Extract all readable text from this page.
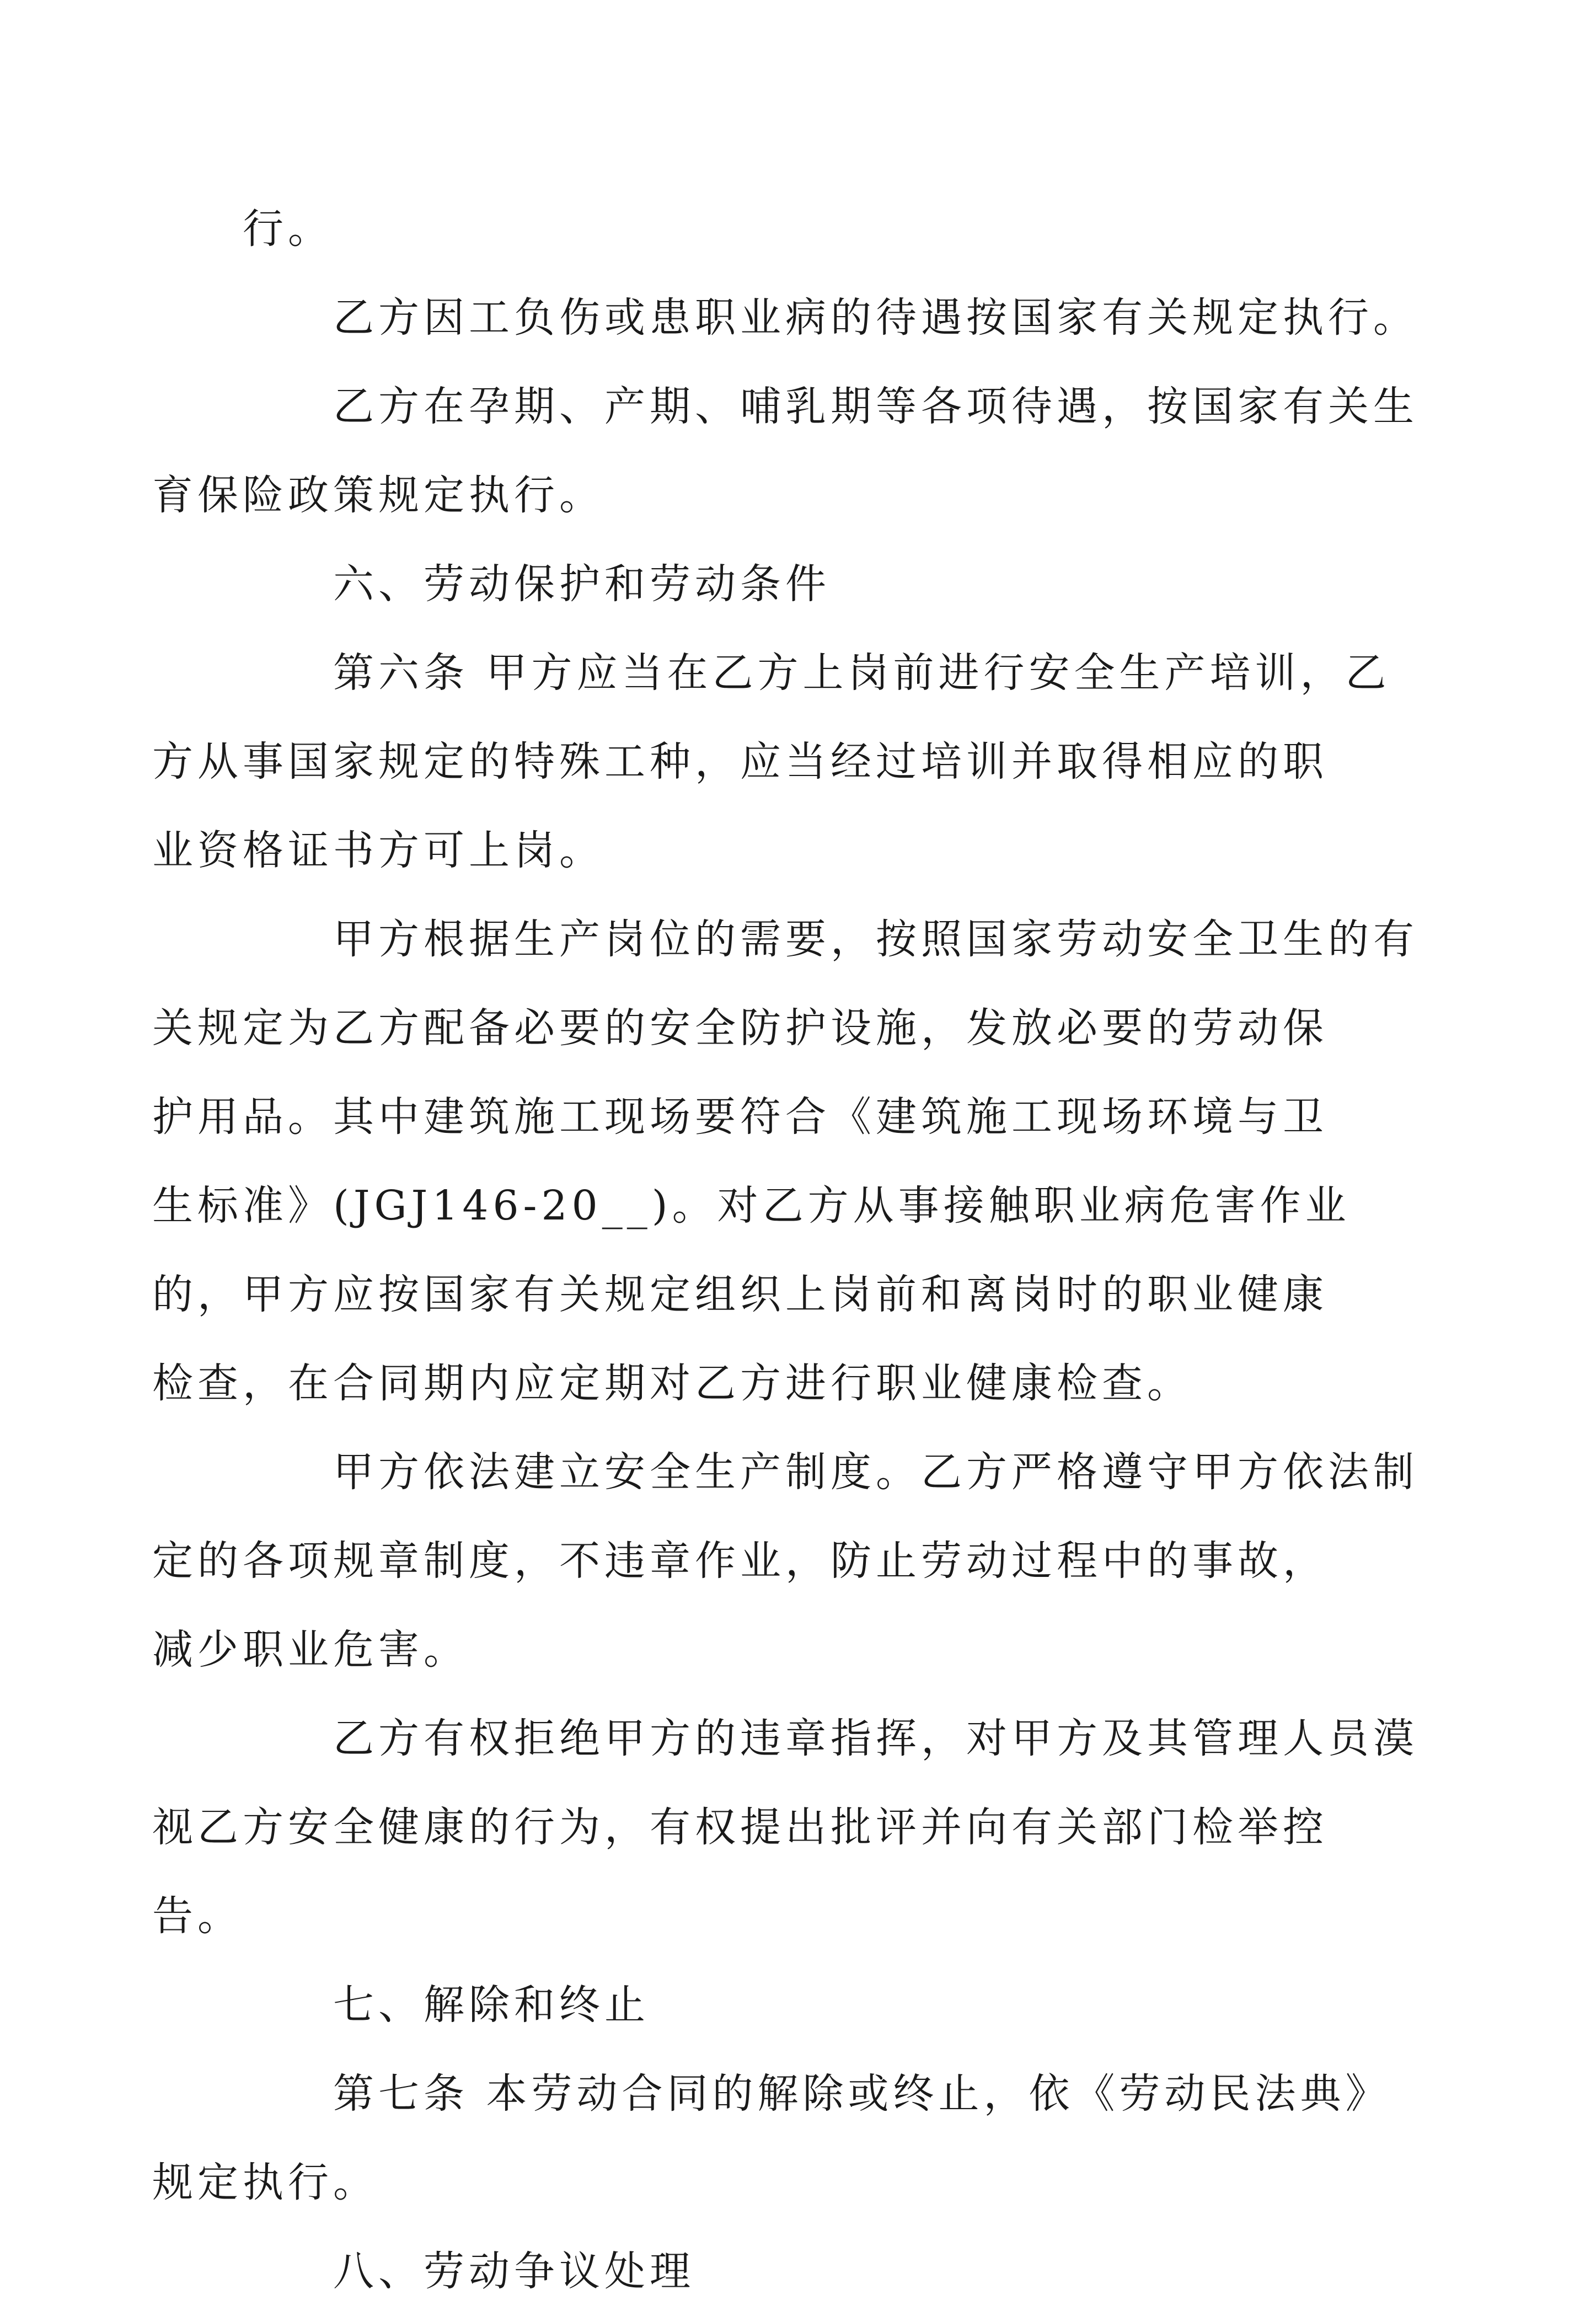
行。

乙方因工负伤或患职业病的待遇按国家有关规定执行。

乙方在孕期、产期、哺乳期等各项待遇，按国家有关生
育保险政策规定执行。

六、劳动保护和劳动条件

第六条 甲方应当在乙方上岗前进行安全生产培训，乙
方从事国家规定的特殊工种，应当经过培训并取得相应的职
业资格证书方可上岗。

甲方根据生产岗位的需要，按照国家劳动安全卫生的有
关规定为乙方配备必要的安全防护设施，发放必要的劳动保
护用品。其中建筑施工现场要符合《建筑施工现场环境与卫
生标准》(JGJ146-20__)。对乙方从事接触职业病危害作业
的，甲方应按国家有关规定组织上岗前和离岗时的职业健康
检查，在合同期内应定期对乙方进行职业健康检查。

甲方依法建立安全生产制度。乙方严格遵守甲方依法制
定的各项规章制度，不违章作业，防止劳动过程中的事故，
减少职业危害。

乙方有权拒绝甲方的违章指挥，对甲方及其管理人员漠
视乙方安全健康的行为，有权提出批评并向有关部门检举控
告。

七、解除和终止

第七条 本劳动合同的解除或终止，依《劳动民法典》
规定执行。

八、劳动争议处理
